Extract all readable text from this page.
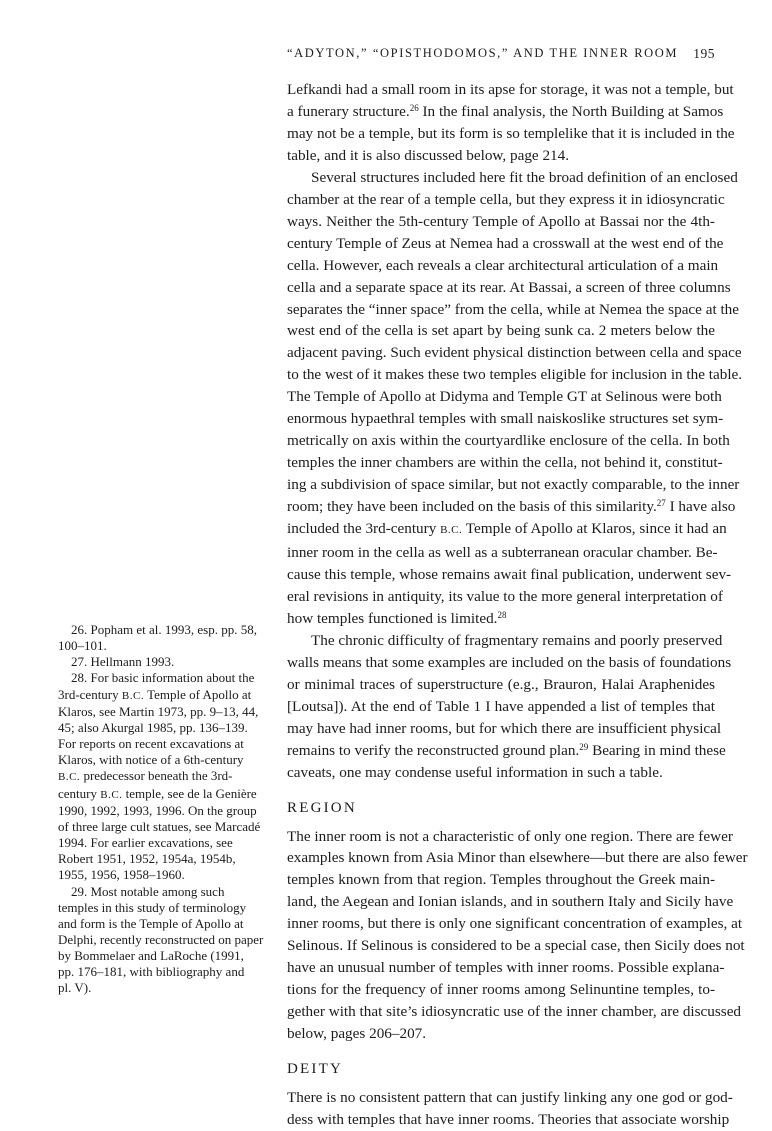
“ADYTON,” “OPISTHODOMOS,” AND THE INNER ROOM 195

Lefkandi had a small room in its apse for storage, it was not a temple, but
a funerary structure.$^{26}$ In the final analysis, the North Building at Samos
may not be a temple, but its form is so templelike that it is included in the
table, and it is also discussed below, page 214.

Several structures included here fit the broad definition of an enclosed
chamber at the rear of a temple cella, but they express it in idiosyncratic
ways. Neither the 5th-century Temple of Apollo at Bassai nor the 4th-
century Temple of Zeus at Nemea had a crosswall at the west end of the
cella. However, each reveals a clear architectural articulation of a main
cella and a separate space at its rear. At Bassai, a screen of three columns
separates the “inner space” from the cella, while at Nemea the space at the
west end of the cella is set apart by being sunk ca. 2 meters below the
adjacent paving. Such evident physical distinction between cella and space
to the west of it makes these two temples eligible for inclusion in the table.
The Temple of Apollo at Didyma and Temple GT at Selinous were both
enormous hypaethral temples with small naiskoslike structures set sym-
metrically on axis within the courtyardlike enclosure of the cella. In both
temples the inner chambers are within the cella, not behind it, constitut-
ing a subdivision of space similar, but not exactly comparable, to the inner
room; they have been included on the basis of this similarity.$^{27}$ I have also
included the 3rd-century B.C. Temple of Apollo at Klaros, since it had an
inner room in the cella as well as a subterranean oracular chamber. Be-
cause this temple, whose remains await final publication, underwent sev-
eral revisions in antiquity, its value to the more general interpretation of
how temples functioned is limited.$^{28}$

The chronic difficulty of fragmentary remains and poorly preserved
walls means that some examples are included on the basis of foundations
or minimal traces of superstructure (e.g., Brauron, Halai Araphenides
[Loutsa]). At the end of Table 1 I have appended a list of temples that
may have had inner rooms, but for which there are insufficient physical
remains to verify the reconstructed ground plan.$^{29}$ Bearing in mind these
caveats, one may condense useful information in such a table.

REGION

The inner room is not a characteristic of only one region. There are fewer
examples known from Asia Minor than elsewhere—but there are also fewer
temples known from that region. Temples throughout the Greek main-
land, the Aegean and Ionian islands, and in southern Italy and Sicily have
inner rooms, but there is only one significant concentration of examples, at
Selinous. If Selinous is considered to be a special case, then Sicily does not
have an unusual number of temples with inner rooms. Possible explana-
tions for the frequency of inner rooms among Selinuntine temples, to-
gether with that site’s idiosyncratic use of the inner chamber, are discussed
below, pages 206–207.

DEITY

There is no consistent pattern that can justify linking any one god or god-
dess with temples that have inner rooms. Theories that associate worship

26. Popham et al. 1993, esp. pp. 58,
100–101.
27. Hellmann 1993.
28. For basic information about the
3rd-century B.C. Temple of Apollo at
Klaros, see Martin 1973, pp. 9–13, 44,
45; also Akurgal 1985, pp. 136–139.
For reports on recent excavations at
Klaros, with notice of a 6th-century
B.C. predecessor beneath the 3rd-
century B.C. temple, see de la Genière
1990, 1992, 1993, 1996. On the group
of three large cult statues, see Marcadé
1994. For earlier excavations, see
Robert 1951, 1952, 1954a, 1954b,
1955, 1956, 1958–1960.
29. Most notable among such
temples in this study of terminology
and form is the Temple of Apollo at
Delphi, recently reconstructed on paper
by Bommelaer and LaRoche (1991,
pp. 176–181, with bibliography and
pl. V).
